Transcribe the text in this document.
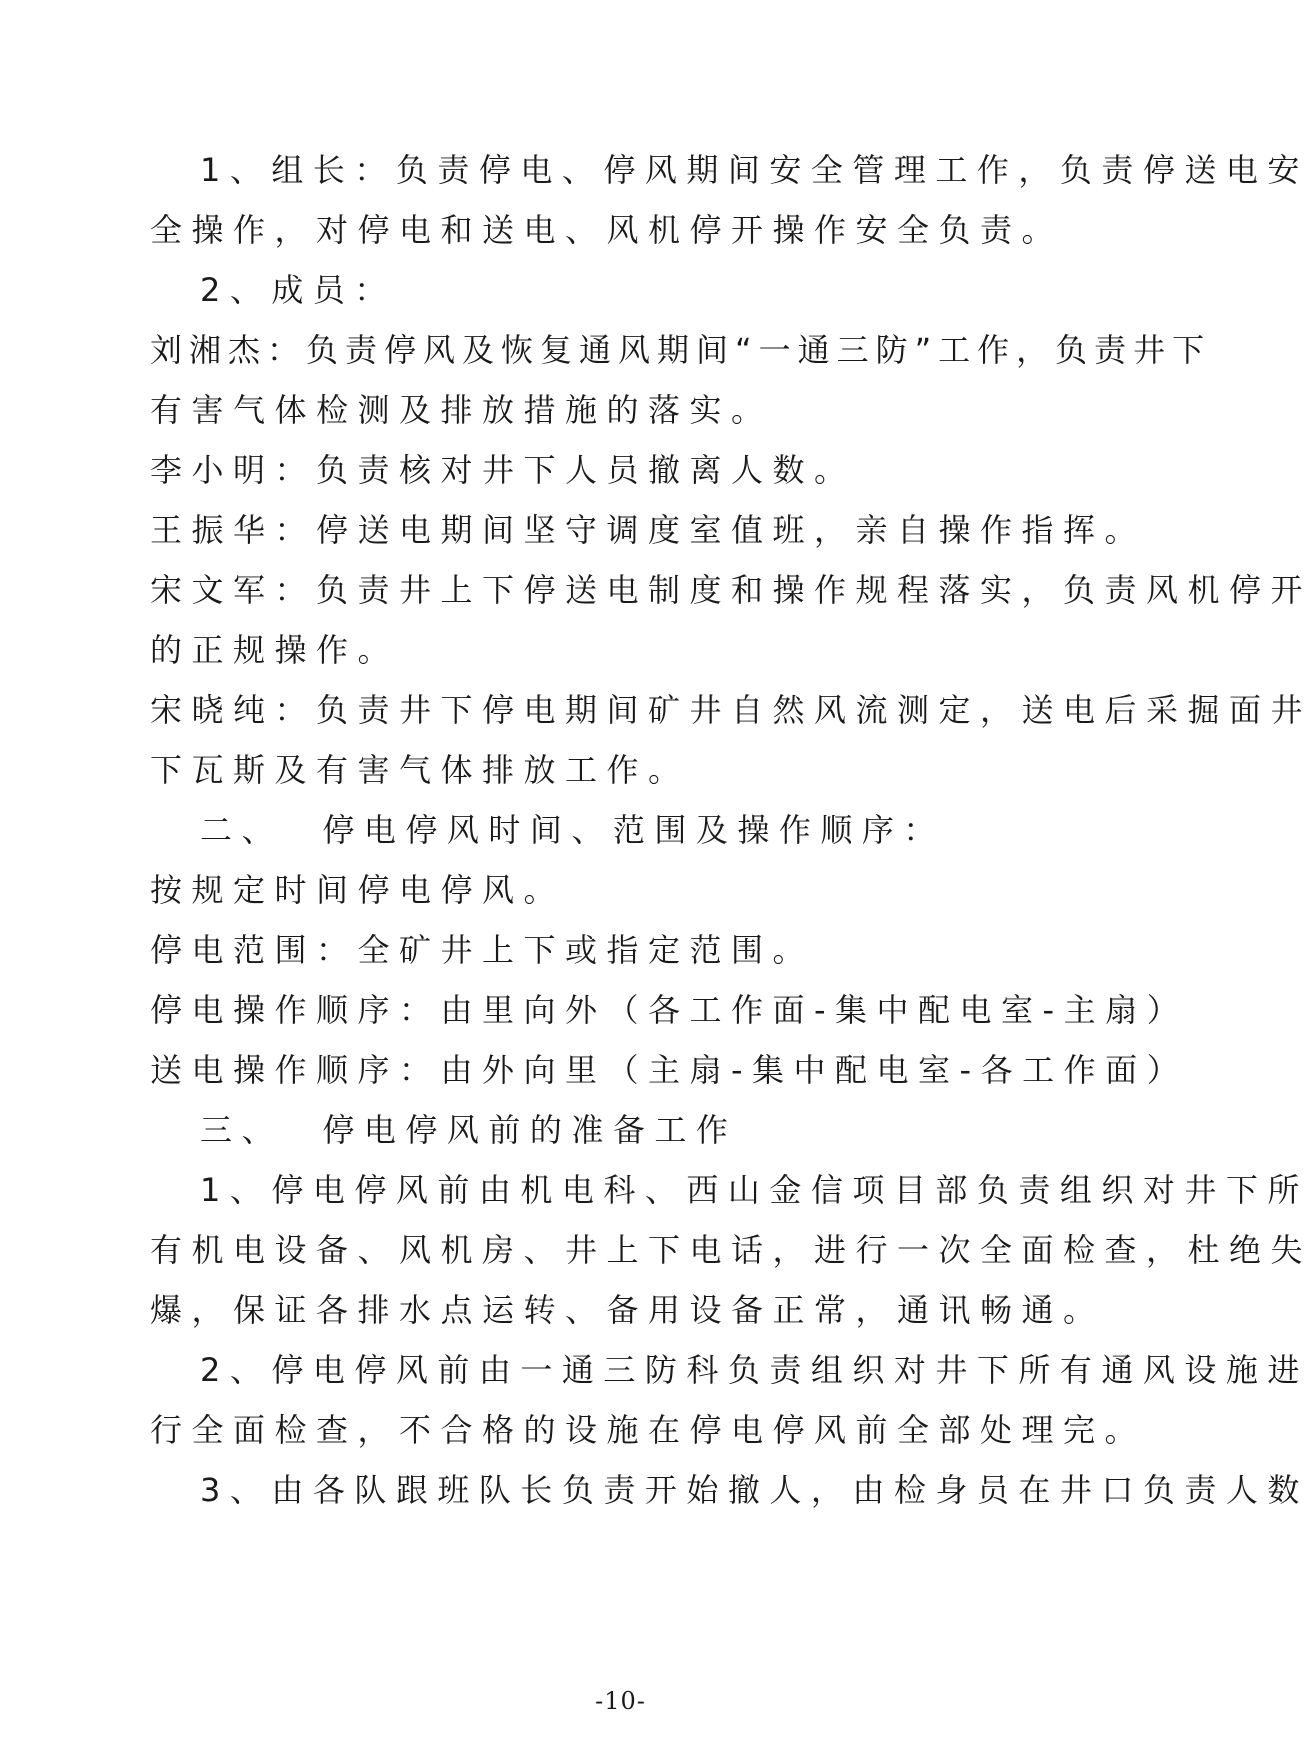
1、组长：负责停电、停风期间安全管理工作，负责停送电安
全操作，对停电和送电、风机停开操作安全负责。
2、成员：
刘湘杰：负责停风及恢复通风期间“一通三防”工作，负责井下
有害气体检测及排放措施的落实。
李小明：负责核对井下人员撤离人数。
王振华：停送电期间坚守调度室值班，亲自操作指挥。
宋文军：负责井上下停送电制度和操作规程落实，负责风机停开
的正规操作。
宋晓纯：负责井下停电期间矿井自然风流测定，送电后采掘面井
下瓦斯及有害气体排放工作。
二、  停电停风时间、范围及操作顺序：
按规定时间停电停风。
停电范围：全矿井上下或指定范围。
停电操作顺序：由里向外（各工作面-集中配电室-主扇）
送电操作顺序：由外向里（主扇-集中配电室-各工作面）
三、  停电停风前的准备工作
1、停电停风前由机电科、西山金信项目部负责组织对井下所
有机电设备、风机房、井上下电话，进行一次全面检查，杜绝失
爆，保证各排水点运转、备用设备正常，通讯畅通。
2、停电停风前由一通三防科负责组织对井下所有通风设施进
行全面检查，不合格的设施在停电停风前全部处理完。
3、由各队跟班队长负责开始撤人，由检身员在井口负责人数
-10-
